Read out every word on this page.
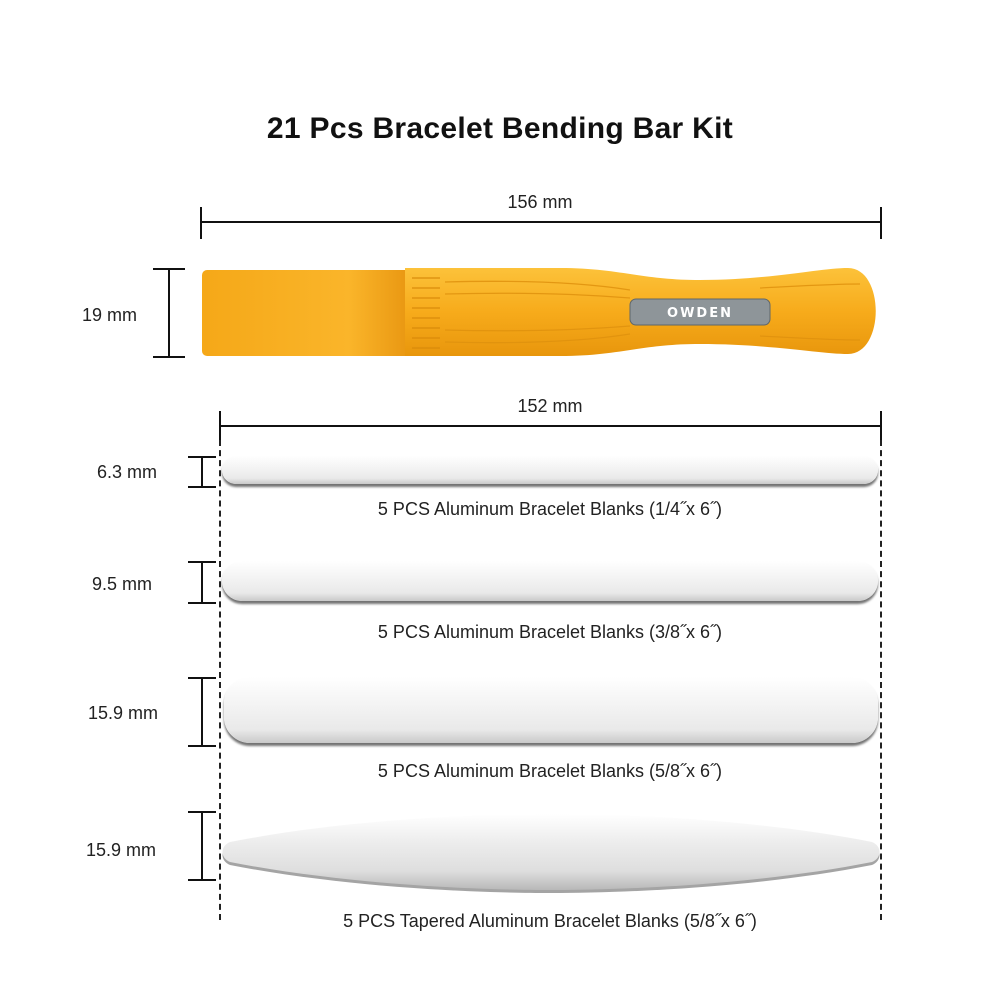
21 Pcs Bracelet Bending Bar Kit
156 mm
19 mm	OWDEN
152 mm
6.3 mm
5 PCS Aluminum Bracelet Blanks (1/4˝x 6˝)
9.5 mm
5 PCS Aluminum Bracelet Blanks (3/8˝x 6˝)
15.9 mm
5 PCS Aluminum Bracelet Blanks (5/8˝x 6˝)
15.9 mm
5 PCS Tapered Aluminum Bracelet Blanks (5/8˝x 6˝)
